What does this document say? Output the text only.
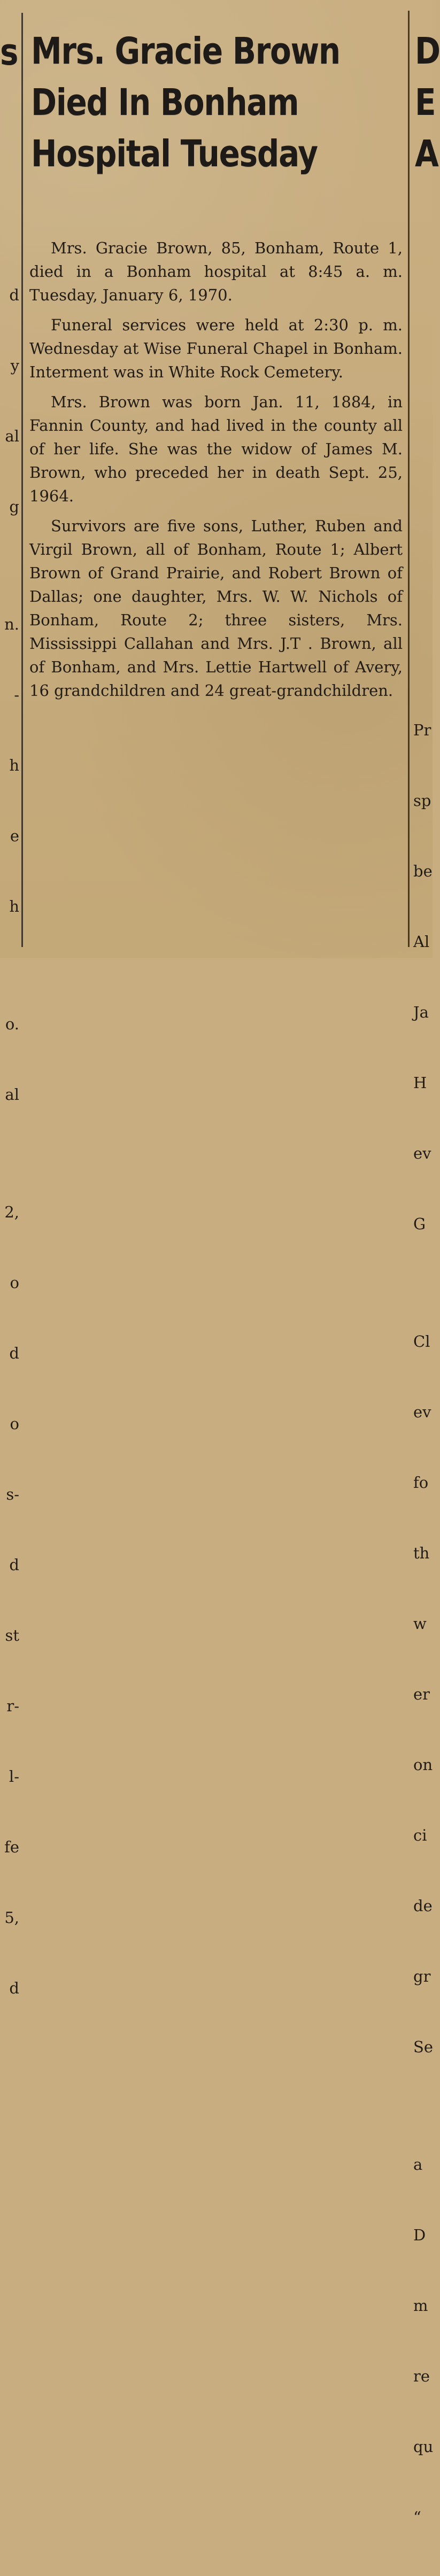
s	D
E
A
Mrs. Gracie Brown
Died In Bonham
Hospital Tuesday

Mrs. Gracie Brown, 85, Bonham, Route 1, died in a Bonham hospital at 8:45 a. m. Tuesday, January 6, 1970.

Funeral services were held at 2:30 p. m. Wednesday at Wise Funeral Chapel in Bonham. Interment was in White Rock Cemetery.

Mrs. Brown was born Jan. 11, 1884, in Fannin County, and had lived in the county all of her life. She was the widow of James M. Brown, who preceded her in death Sept. 25, 1964.

Survivors are five sons, Luther, Ruben and Virgil Brown, all of Bonham, Route 1; Albert Brown of Grand Prairie, and Robert Brown of Dallas; one daughter, Mrs. W. W. Nichols of Bonham, Route 2; three sisters, Mrs. Mississippi Callahan and Mrs. J.T . Brown, all of Bonham, and Mrs. Lettie Hartwell of Avery, 16 grandchildren and 24 great-grandchildren.

d

y

al

g

n.

-

h

e

h

o.

al

2,

o

d

o

s-

d

st

r-

l-

fe

5,

d

Pr

sp

be

Al

Ja

H

ev

G

Cl

ev

fo

th

w

er

on

ci

de

gr

Se

a

D

m

re

qu

“
